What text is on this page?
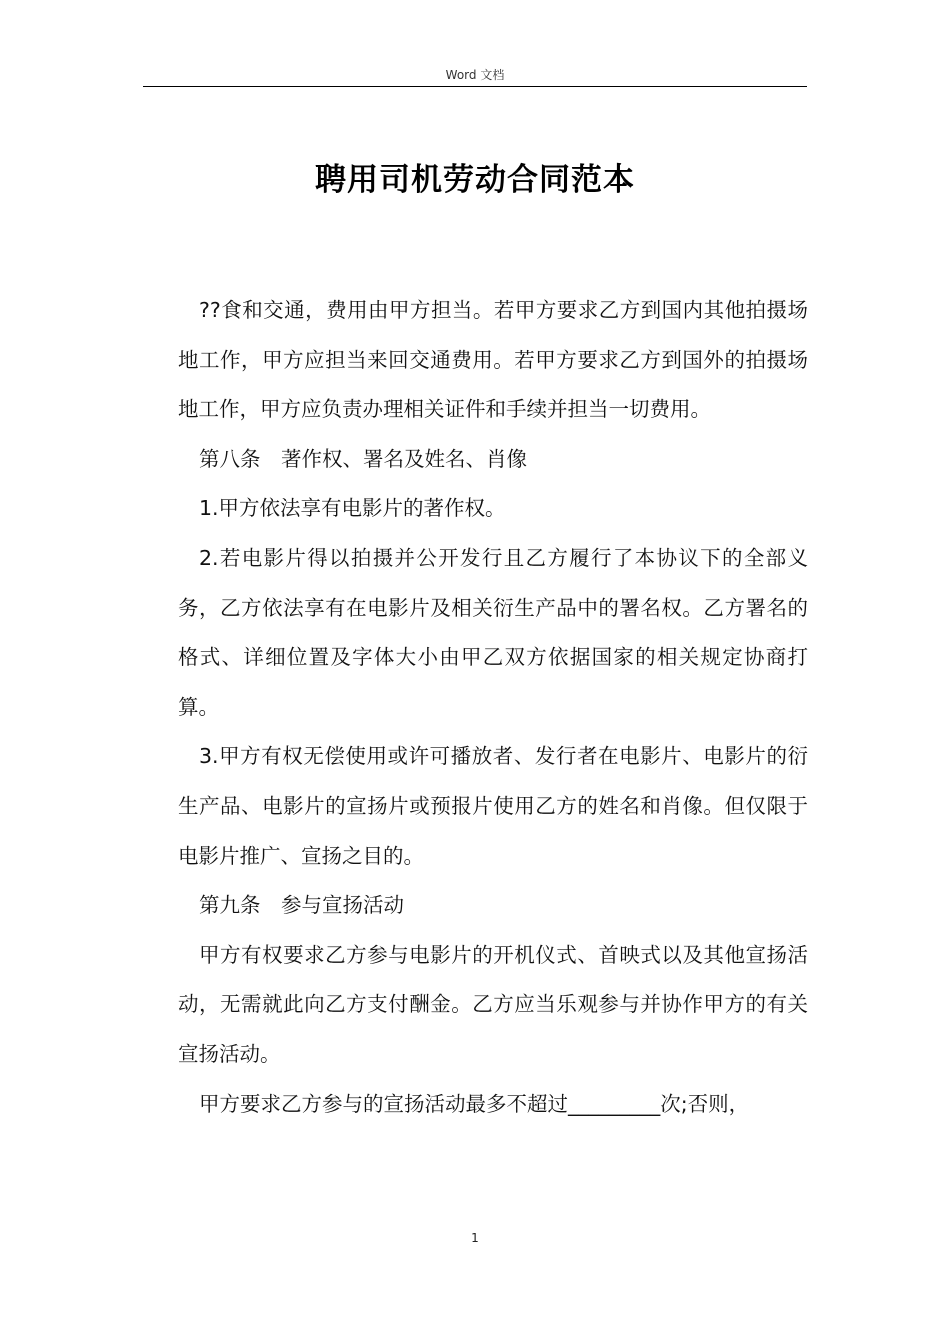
Word 文档
聘用司机劳动合同范本

??食和交通，费用由甲方担当。若甲方要求乙方到国内其他拍摄场地工作，甲方应担当来回交通费用。若甲方要求乙方到国外的拍摄场地工作，甲方应负责办理相关证件和手续并担当一切费用。

第八条　著作权、署名及姓名、肖像

1.甲方依法享有电影片的著作权。

2.若电影片得以拍摄并公开发行且乙方履行了本协议下的全部义务，乙方依法享有在电影片及相关衍生产品中的署名权。乙方署名的格式、详细位置及字体大小由甲乙双方依据国家的相关规定协商打算。

3.甲方有权无偿使用或许可播放者、发行者在电影片、电影片的衍生产品、电影片的宣扬片或预报片使用乙方的姓名和肖像。但仅限于电影片推广、宣扬之目的。

第九条　参与宣扬活动

甲方有权要求乙方参与电影片的开机仪式、首映式以及其他宣扬活动，无需就此向乙方支付酬金。乙方应当乐观参与并协作甲方的有关宣扬活动。

甲方要求乙方参与的宣扬活动最多不超过_________次;否则，

1
